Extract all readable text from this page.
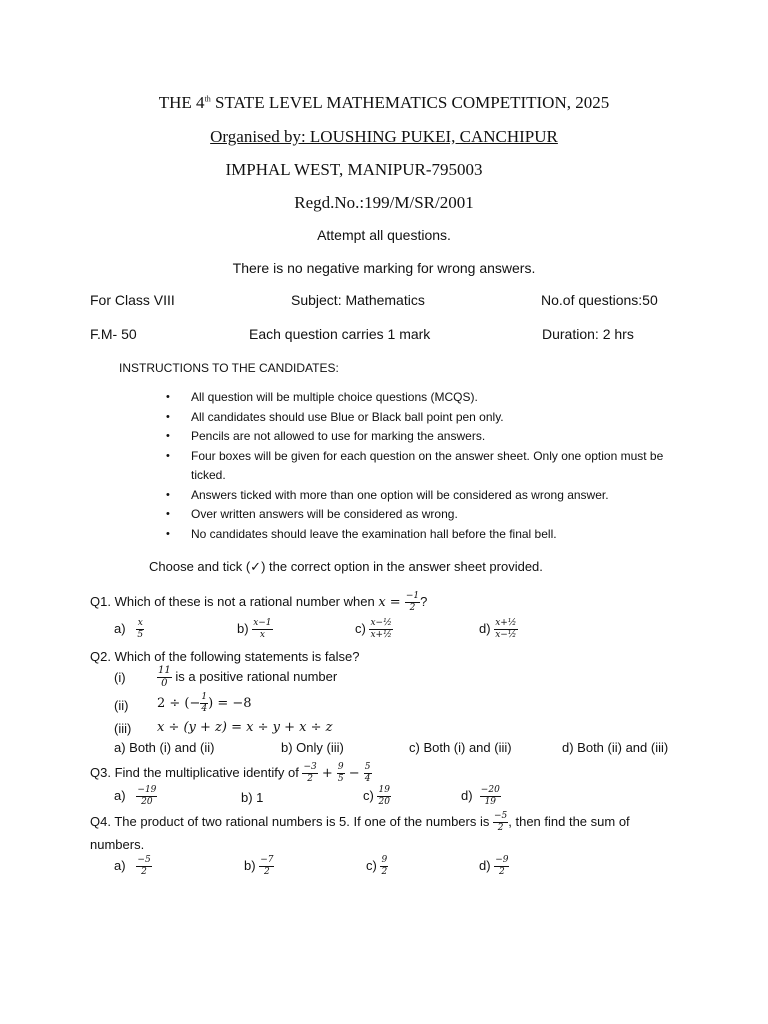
THE 4th STATE LEVEL MATHEMATICS COMPETITION, 2025
Organised by: LOUSHING PUKEI, CANCHIPUR
IMPHAL WEST, MANIPUR-795003
Regd.No.:199/M/SR/2001
Attempt all questions.
There is no negative marking for wrong answers.
For Class VIII	Subject: Mathematics	No.of questions:50
F.M- 50	Each question carries 1 mark	Duration: 2 hrs
INSTRUCTIONS TO THE CANDIDATES:
• All question will be multiple choice questions (MCQS).
• All candidates should use Blue or Black ball point pen only.
• Pencils are not allowed to use for marking the answers.
• Four boxes will be given for each question on the answer sheet. Only one option must be ticked.
• Answers ticked with more than one option will be considered as wrong answer.
• Over written answers will be considered as wrong.
• No candidates should leave the examination hall before the final bell.
Choose and tick (✓) the correct option in the answer sheet provided.
Q1. Which of these is not a rational number when $x = \frac{-1}{2}$ ?
$a) \frac{x}{5}$	$b) \frac{x-1}{x}$	$c) \frac{\text{x−½}}{\text{x+½}}$	$d) \frac{\text{x+½}}{\text{x−½}}$
Q2. Which of the following statements is false?
(i)	$\frac{11}{0}$ is a positive rational number
(ii) 2 ÷ (− $\frac{1}{4}$ ) = −8
(iii) x ÷ (y + z) = x ÷ y + x ÷ z
a) Both (i) and (ii)	b) Only (iii)	c) Both (i) and (iii)	d) Both (ii) and (iii)
Q3. Find the multiplicative identify of $\frac{-3}{2} + \frac{9}{5} - \frac{5}{4}$
$a) \frac{-19}{20}$	b) 1	$c) \frac{19}{20}$	$d) \frac{-20}{19}$
Q4. The product of two rational numbers is 5. If one of the numbers is $\frac{-5}{2}$ , then find the sum of
numbers.
$a) \frac{-5}{2}$	$b) \frac{-7}{2}$	$c) \frac{9}{2}$	$d) \frac{-9}{2}$
